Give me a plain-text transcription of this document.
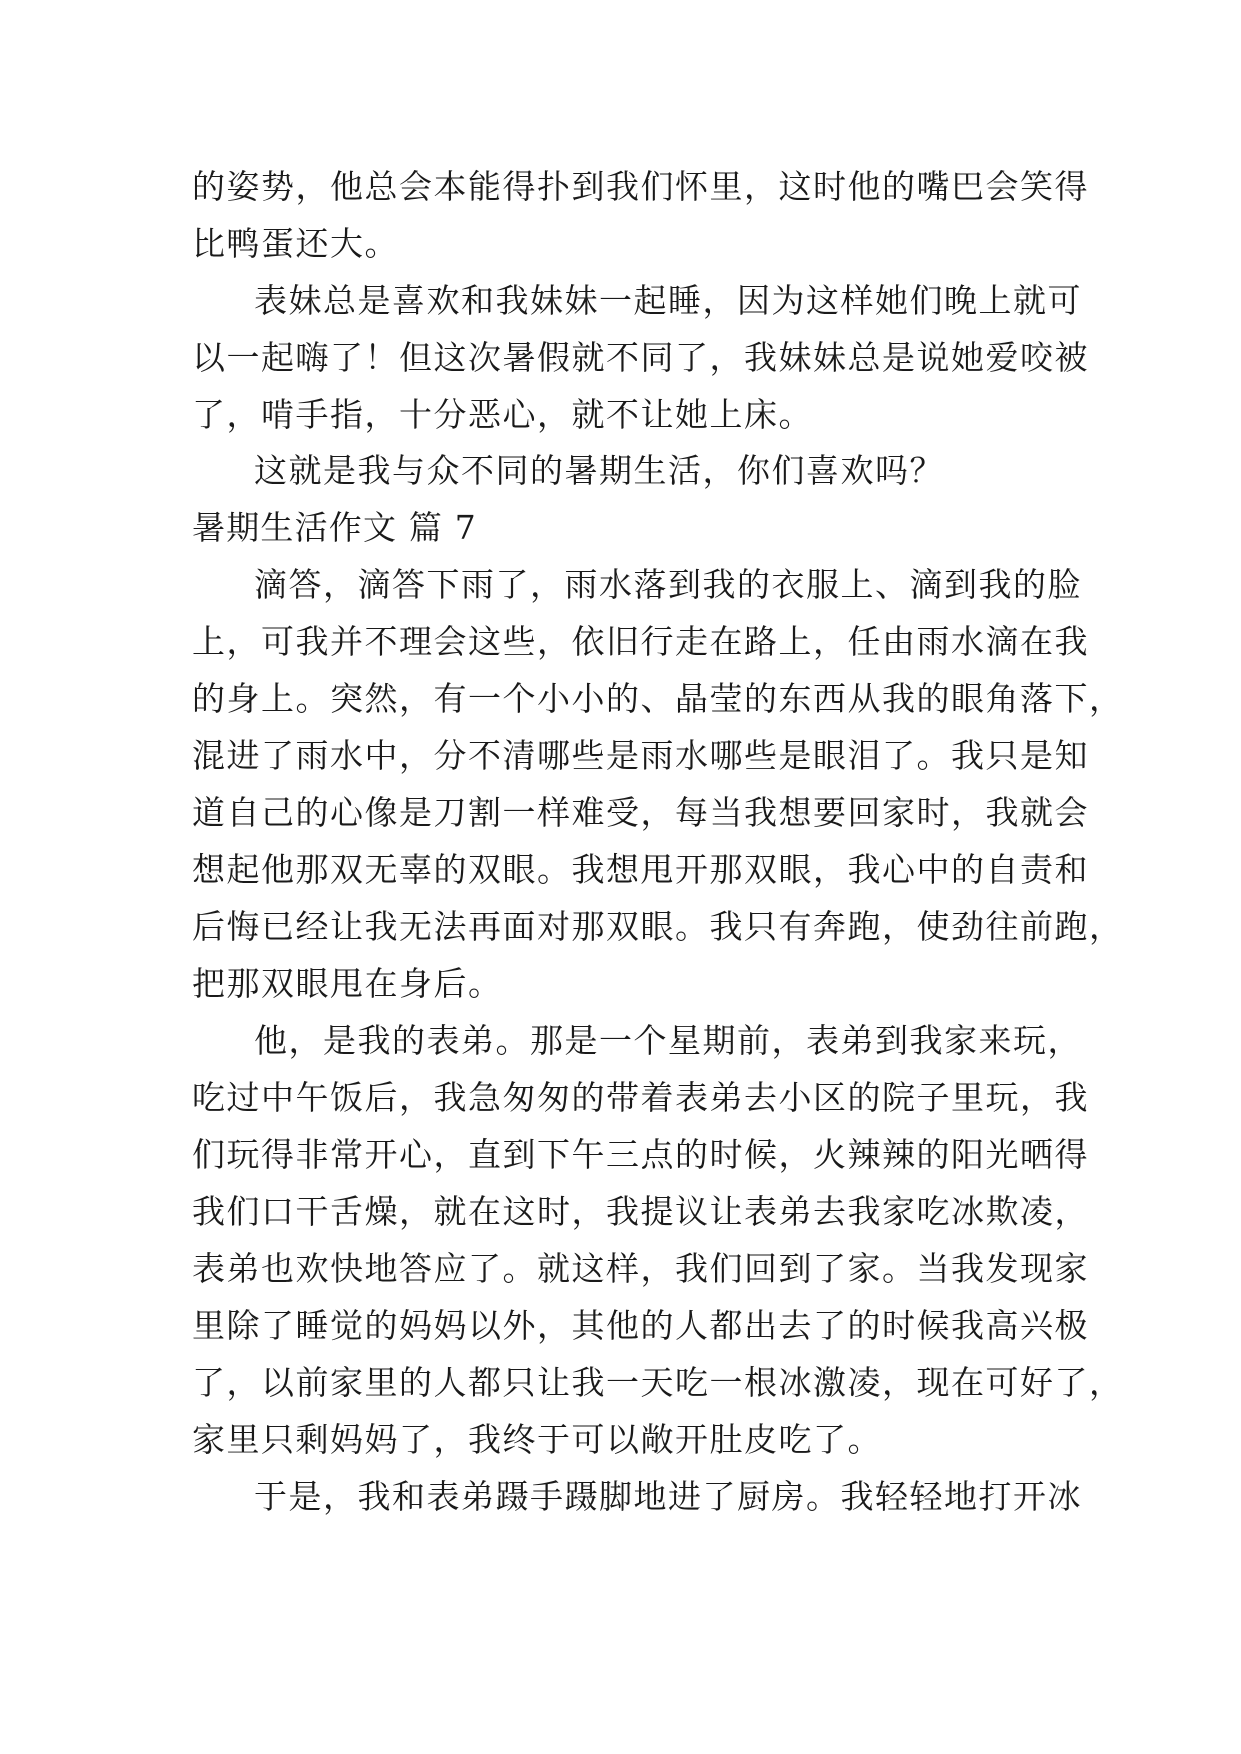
的姿势，他总会本能得扑到我们怀里，这时他的嘴巴会笑得
比鸭蛋还大。
表妹总是喜欢和我妹妹一起睡，因为这样她们晚上就可
以一起嗨了！但这次暑假就不同了，我妹妹总是说她爱咬被
了，啃手指，十分恶心，就不让她上床。
这就是我与众不同的暑期生活，你们喜欢吗？
暑期生活作文 篇 7
滴答，滴答下雨了，雨水落到我的衣服上、滴到我的脸
上，可我并不理会这些，依旧行走在路上，任由雨水滴在我
的身上。突然，有一个小小的、晶莹的东西从我的眼角落下，
混进了雨水中，分不清哪些是雨水哪些是眼泪了。我只是知
道自己的心像是刀割一样难受，每当我想要回家时，我就会
想起他那双无辜的双眼。我想甩开那双眼，我心中的自责和
后悔已经让我无法再面对那双眼。我只有奔跑，使劲往前跑，
把那双眼甩在身后。
他，是我的表弟。那是一个星期前，表弟到我家来玩，
吃过中午饭后，我急匆匆的带着表弟去小区的院子里玩，我
们玩得非常开心，直到下午三点的时候，火辣辣的阳光晒得
我们口干舌燥，就在这时，我提议让表弟去我家吃冰欺凌，
表弟也欢快地答应了。就这样，我们回到了家。当我发现家
里除了睡觉的妈妈以外，其他的人都出去了的时候我高兴极
了，以前家里的人都只让我一天吃一根冰激凌，现在可好了，
家里只剩妈妈了，我终于可以敞开肚皮吃了。
于是，我和表弟蹑手蹑脚地进了厨房。我轻轻地打开冰
